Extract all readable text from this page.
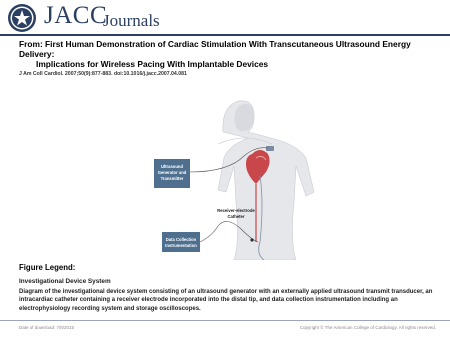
JACC
Journals
From: First Human Demonstration of Cardiac Stimulation With Transcutaneous Ultrasound Energy Delivery:
Implications for Wireless Pacing With Implantable Devices
J Am Coll Cardiol. 2007;50(9):877-883. doi:10.1016/j.jacc.2007.04.081
Ultrasound
Generator and
Transmitter
Receiver-electrode
Catheter
Data Collection
Instrumentation
Figure Legend:
Investigational Device System
Diagram of the investigational device system consisting of an ultrasound generator with an externally applied ultrasound transmit transducer, an intracardiac catheter containing a receiver electrode incorporated into the distal tip, and data collection instrumentation including an electrophysiology recording system and storage oscilloscopes.
Date of download: 7/8/2015	Copyright © The American College of Cardiology. All rights reserved.
